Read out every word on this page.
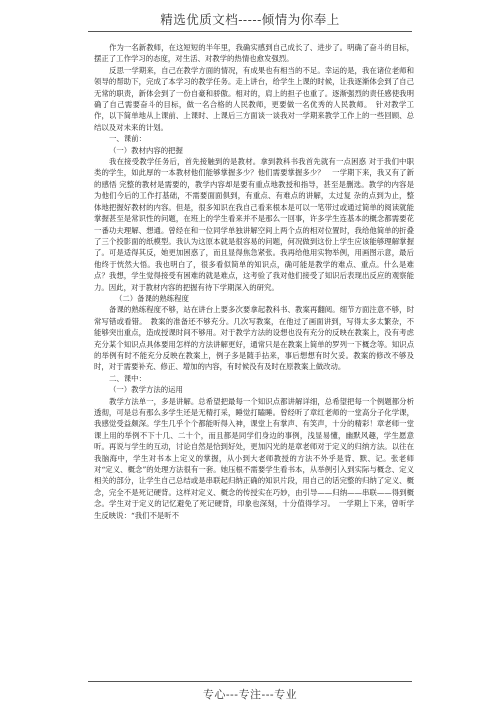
精选优质文档-----倾情为你奉上

作为一名新教师，在这短短的半年里，我确实感到自己成长了、进步了。明确了奋斗的目标，摆正了工作学习的态度，对生活、对教学的热情也愈发强烈。

反思一学期来，自己在教学方面的情况，有成果也有相当的不足。幸运的是，我在诸位老师和领导的帮助下，完成了本学习的教学任务。走上讲台，给学生上课的时候，让我逐渐体会到了自己无常的职责，新体会到了一份自豪和骄傲。相对的，肩上的担子也重了。逐渐强烈的责任感使我明确了自己需要奋斗的目标，做一名合格的人民教师，更要做一名优秀的人民教师。　针对教学工作，以下简单地从上课前、上课时、上课后三方面谈一谈我对一学期来教学工作上的一些回顾、总结以及对未来的计划。

一、课前：

（一）教材内容的把握

我在接受教学任务后，首先接触到的是教材。拿到教科书我首先就有一点困惑 对于我们中职类的学生，如此厚的一本教材他们能够掌握多少？他们需要掌握多少？　一学期下来，我又有了新的感悟 完整的教材是需要的，教学内容却是要有重点地教授和指导，甚至是删选。教学的内容是为他们今后的工作打基础，不需要面面俱到，有重点、有难点的讲解，太过复 杂的点到为止，整体地把握好教材的内容。但是，很多知识在我自己看来根本是可以一笔带过或通过简单的阅读就能掌握甚至是常识性的问题，在班上的学生看来并不是那么一回事，许多学生连基本的概念都需要花一番功夫理解、想通。曾经在和一位同学单独讲解空间上两个点的相对位置时，我给他简单的折叠了三个投影面的纸模型。我认为这原本就是很容易的问题，何况做到这份上学生应该能够理解掌握了。可是适得其反，她更加困惑了，而且显得焦急紧张。我再给他用实物举例，用画图示意，最后他终于恍然大悟。我也明白了，很多看似简单的知识点，确可能是教学的难点、重点。什么是难点？我想，学生觉得接受有困难的就是难点，这考验了我对他们接受了知识后表现出反应的观察能力。因此，对于教材内容的把握有待下学期深入的研究。

（二）备课的熟练程度

备课的熟练程度不够，站在讲台上要多次要拿起教科书、教案再翻阅。细节方面注意不够，时常写错或看错。　教案的准备还不够充分。几次写教案，在他过了画面讲到，写得太多太繁杂，不能够突出重点，造成授课时间不够用。对于教学方法的设想也没有充分的反映在教案上，没有考虑充分某个知识点具体要用怎样的方法讲解更好，通常只是在教案上简单的罗列一下概念等。知识点的举例有时不能充分反映在教案上，例子多是随手拈来，事后想想有时欠妥。教案的修改不够及时，对于需要补充、修正、增加的内容，有时候没有及时在原教案上做改动。

二、课中：

（一）教学方法的运用

教学方法单一，多是讲解。总希望把最每一个知识点都讲解详细，总希望把每一个例题都分析透彻，可是总有那么多学生还是无精打采，睡觉打瞌睡。曾经听了章红老师的一堂高分子化学课，我感觉受益颇深。学生几乎个个都能听得入神，课堂上有掌声、有笑声，十分的精彩！章老师一堂课上用的举例不下十几、二十个，而且都是同学们身边的事例，浅显易懂，幽默风趣，学生愿意听。再说与学生的互动，讨论自然是恰到好处，更加闪光的是章老师对于定义的归纳方法。以往在我脑海中，学生对书本上定义的掌握，从小到大老师教授的方法不外乎是背、默、记。张老师对“定义、概念”的处理方法很有一套。她压根不需要学生看书本，从举例引入到实际与概念、定义相关的部分，让学生自己总结或是串联起归纳正确的知识片段，用自己的话完整的归纳了定义、概念，完全不是死记硬背。这样对定义、概念的传授实在巧妙，由引导——归纳——串联——得到概念。学生对于定义的记忆避免了死记硬背，印象也深刻，十分值得学习。　一学期上下来，曾听学生反映说：“我们不是听不

专心---专注---专业
